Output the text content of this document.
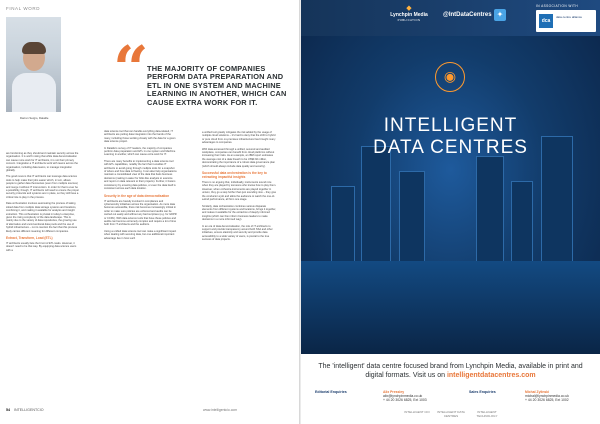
FINAL WORD
Darren Sergio, Datatile
“
THE MAJORITY OF COMPANIES PERFORM DATA PREPARATION AND ETL IN ONE SYSTEM AND MACHINE LEARNING IN ANOTHER, WHICH CAN CAUSE EXTRA WORK FOR IT.

are functioning as they should and maintain security across the organisation. It is worth noting that while data democratisation can cause more work for IT architects, it is not their primary concern. Integration a IT architects work with teams across the organisation, including data teams, to manage integration globally.

The good news is that IT architects can leverage data science tools to help make their jobs easier which, in turn, allows people to gather data themselves (even from multiple sources) and merge it without IT intervention. In order for that to ever be a possibility, though, IT architects will need to ensure the proper security protocols and systems are in place, so they still have a critical role to play in the process.

Data orchestration involves automating the process of taking siloed data from multiple data storage systems and locations, combining it, and making it available for analysis and insight extraction. This orchestration is pivotal in today's enterprise, given the rising complexity of the data landscape. This is mainly due to the variety of data repositories, the growing use of alternative and unconventional data pools and the use of hybrid infrastructure – not to mention the fact that this process likely carries different meaning for different companies.

Extract, Transform, Load (ETL)

IT architects usually face the brunt of ETL tasks. However, it doesn't need to be that way. By equipping data science users with a

data science tool that can handle everything data-related, IT architects are putting data integration into the hands of the many, including those working closely with the data for a given data science project.

In Datatile's survey of IT leaders, the majority of companies perform data preparation and ETL in one system and Machine Learning in another, which can cause extra work for IT.

There are many benefits to implementing a data science tool with ETL capabilities, notably the fact that it enables IT architects to avoid going through multiple tools for a snapshot of where and how data is flowing. It can also help organisations maintain a consolidated view of the data that fuels business decisions (making it easier for folks like analysts to examine and report on data relevant to their projects). Further, it fosters consistency by ensuring data policies, or even the data itself is consistent across each data location.

Security in the age of data democratisation

IT architects are heavily involved in compliance and cybersecurity initiatives across the organisation. As more data becomes accessible, there risk becomes increasingly critical in order to make sure policies are enforced and audits can be carried out easily and without any bad surprises (e.g. for GDPR or CCPA). With data science tools that have these policies and audits can become extremely complex and require a lot of time both from IT architects and the auditors.

Using a unified data science tool can make a significant impact when dealing with securing data, but one additional important advantage lies in how such

a unified tool greatly mitigates the risk added by the usage of multiple cloud solutions – it's hard to deny that the shift to hybrid or pure cloud from on-premises infrastructure has brought many advantages to companies.

With data accessed through a unified, secured and audited workplace, companies can benefit from cloud platforms without increasing their risks. As an example, an IBM report estimates the average cost of a data breach to be US$3.92 million, demonstrating the importance of a robust data governance plan (which should always include data quality and security).

Successful data orchestration is the key to extracting impactful insights

There is no arguing that, individually, instruments sound nice when they are played by someone who knows how to play them. However, when orchestra instruments are played together in unison, they go a step further than just sounding nice – they give the conductor a job and allow the audience to watch the one-of-a-kind performance, all from one stage.

Similarly, data orchestration combines various disparate elements from different systems and locations, brings it together, and makes it available for the extraction of deeply informed insights (which can then inform business leaders to make decisions in a more informed way).

In an era of data democratisation, the role of IT architects to support and provide transparency around both SSA and other initiatives, ensure elasticity and security and provide data accessibility to a wide variety of users, is pivotal to the true success of data projects.

54 INTELLIGENTCIO	www.intelligentcio.com
◆
Lynchpin Media
PUBLICATION
@IntDataCentres ✦
IN ASSOCIATION WITH
dca
data centre alliance
◉
INTELLIGENT
DATA CENTRES
The 'intelligent' data centre focused brand from Lynchpin Media, available in print and digital formats. Visit us on intelligentdatacentres.com
Editorial Enquiries	Alix Pressley
alix@lynchpinmedia.co.uk
+ 44 20 3026 6825, Ext 1003
Sales Enquiries	Michal Zylinski
michal@lynchpinmedia.co.uk
+ 44 20 3026 6825, Ext 1002
INTELLIGENT CIO	INTELLIGENT DATA CENTRES
INTELLIGENT TECHNOLOGY
